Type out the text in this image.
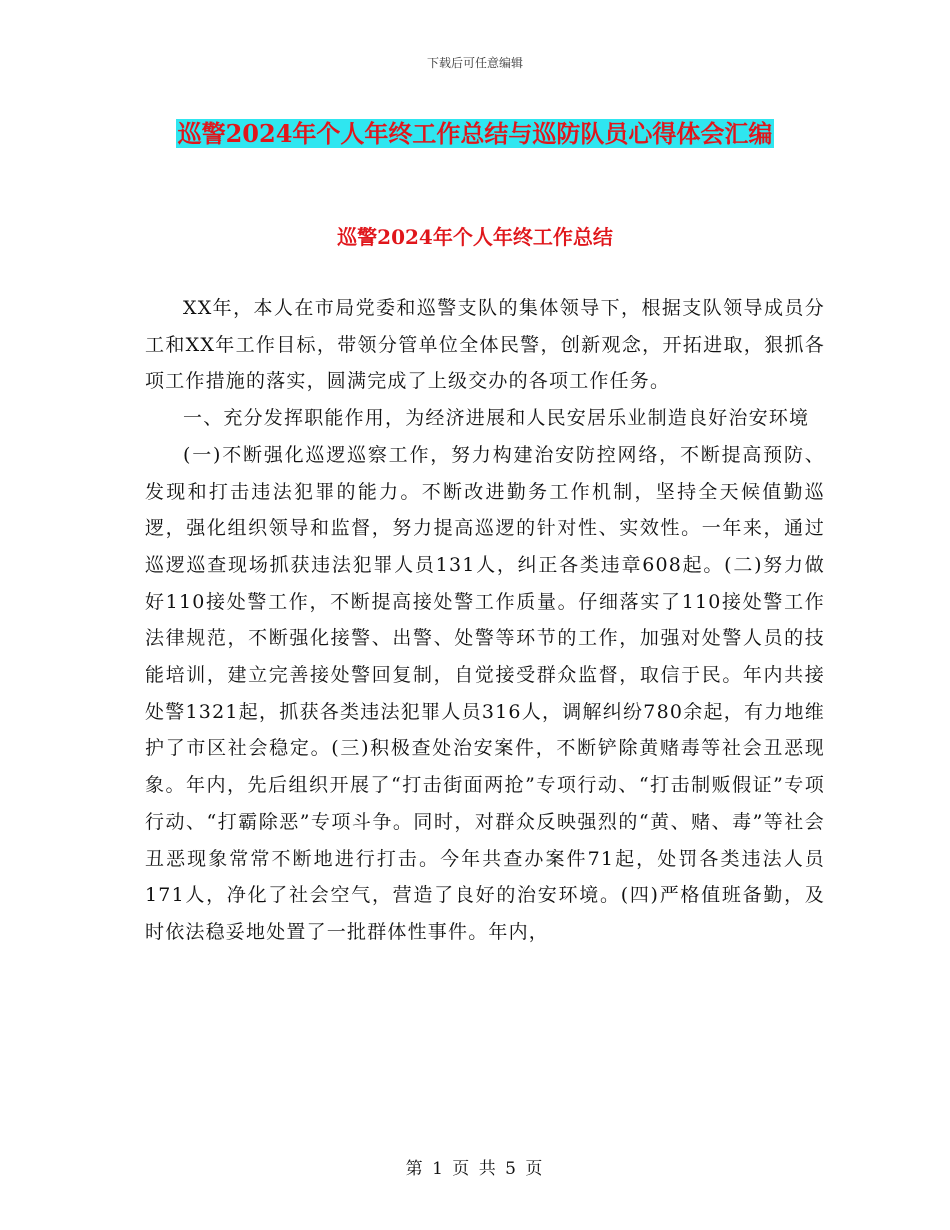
下载后可任意编辑
巡警2024年个人年终工作总结与巡防队员心得体会汇编
巡警2024年个人年终工作总结

XX年，本人在市局党委和巡警支队的集体领导下，根据支队领导成员分工和XX年工作目标，带领分管单位全体民警，创新观念，开拓进取，狠抓各项工作措施的落实，圆满完成了上级交办的各项工作任务。

一、充分发挥职能作用，为经济进展和人民安居乐业制造良好治安环境

(一)不断强化巡逻巡察工作，努力构建治安防控网络，不断提高预防、发现和打击违法犯罪的能力。不断改进勤务工作机制，坚持全天候值勤巡逻，强化组织领导和监督，努力提高巡逻的针对性、实效性。一年来，通过巡逻巡查现场抓获违法犯罪人员131人，纠正各类违章608起。(二)努力做好110接处警工作，不断提高接处警工作质量。仔细落实了110接处警工作法律规范，不断强化接警、出警、处警等环节的工作，加强对处警人员的技能培训，建立完善接处警回复制，自觉接受群众监督，取信于民。年内共接处警1321起，抓获各类违法犯罪人员316人，调解纠纷780余起，有力地维护了市区社会稳定。(三)积极查处治安案件，不断铲除黄赌毒等社会丑恶现象。年内，先后组织开展了“打击街面两抢”专项行动、“打击制贩假证”专项行动、“打霸除恶”专项斗争。同时，对群众反映强烈的“黄、赌、毒”等社会丑恶现象常常不断地进行打击。今年共查办案件71起，处罚各类违法人员171人，净化了社会空气，营造了良好的治安环境。(四)严格值班备勤，及时依法稳妥地处置了一批群体性事件。年内，

第 1 页 共 5 页
